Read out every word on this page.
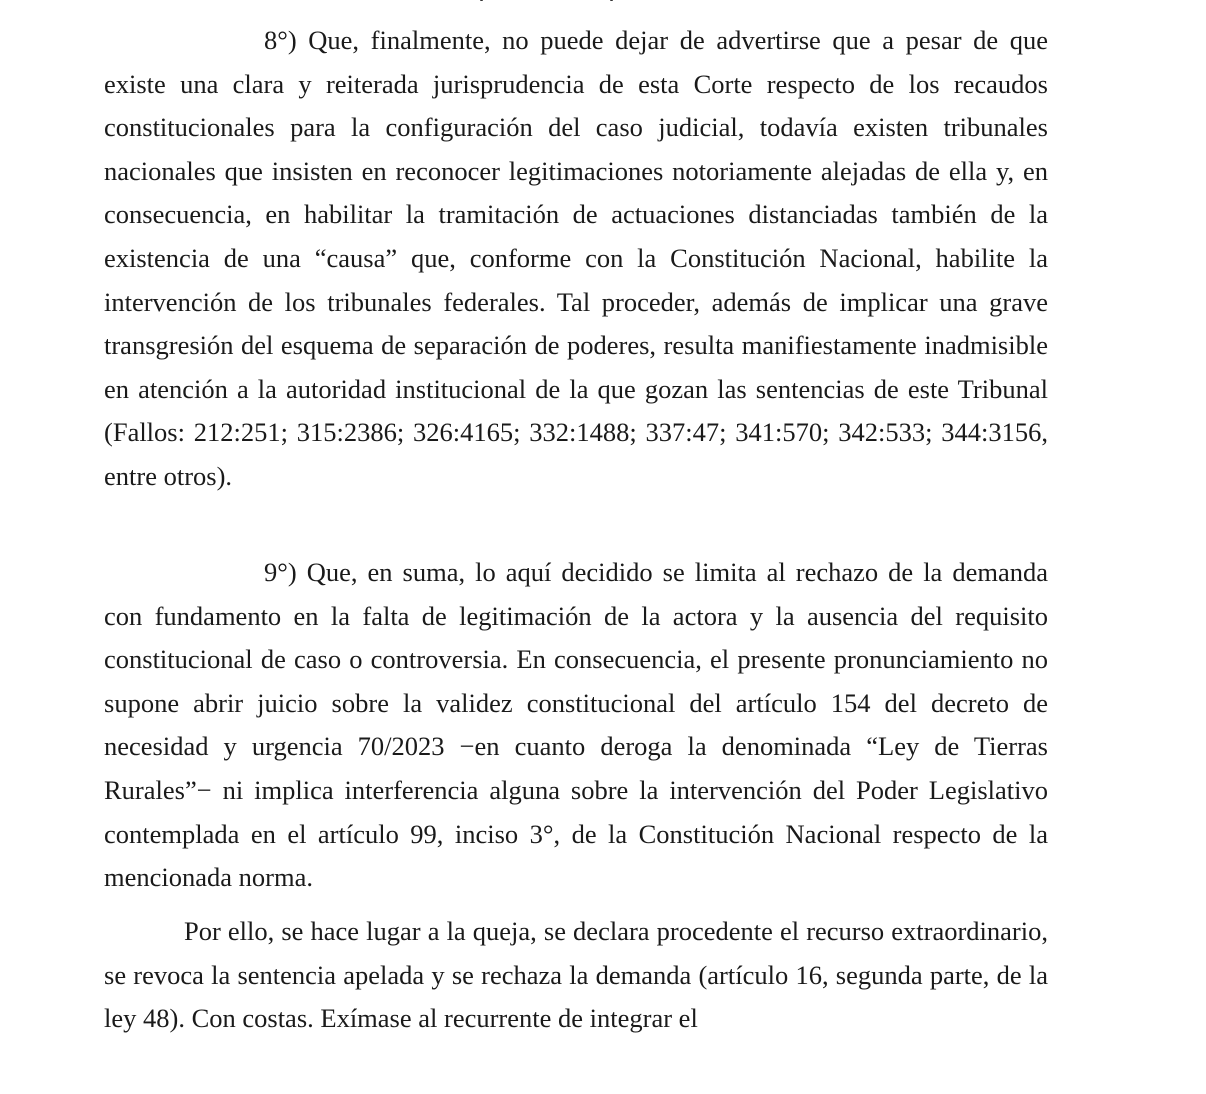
8°) Que, finalmente, no puede dejar de advertirse que a pesar de que existe una clara y reiterada jurisprudencia de esta Corte respecto de los recaudos constitucionales para la configuración del caso judicial, todavía existen tribunales nacionales que insisten en reconocer legitimaciones notoriamente alejadas de ella y, en consecuencia, en habilitar la tramitación de actuaciones distanciadas también de la existencia de una “causa” que, conforme con la Constitución Nacional, habilite la intervención de los tribunales federales. Tal proceder, además de implicar una grave transgresión del esquema de separación de poderes, resulta manifiestamente inadmisible en atención a la autoridad institucional de la que gozan las sentencias de este Tribunal (Fallos: 212:251; 315:2386; 326:4165; 332:1488; 337:47; 341:570; 342:533; 344:3156, entre otros).

9°) Que, en suma, lo aquí decidido se limita al rechazo de la demanda con fundamento en la falta de legitimación de la actora y la ausencia del requisito constitucional de caso o controversia. En consecuencia, el presente pronunciamiento no supone abrir juicio sobre la validez constitucional del artículo 154 del decreto de necesidad y urgencia 70/2023 −en cuanto deroga la denominada “Ley de Tierras Rurales”− ni implica interferencia alguna sobre la intervención del Poder Legislativo contemplada en el artículo 99, inciso 3°, de la Constitución Nacional respecto de la mencionada norma.

Por ello, se hace lugar a la queja, se declara procedente el recurso extraordinario, se revoca la sentencia apelada y se rechaza la demanda (artículo 16, segunda parte, de la ley 48). Con costas. Exímase al recurrente de integrar el
